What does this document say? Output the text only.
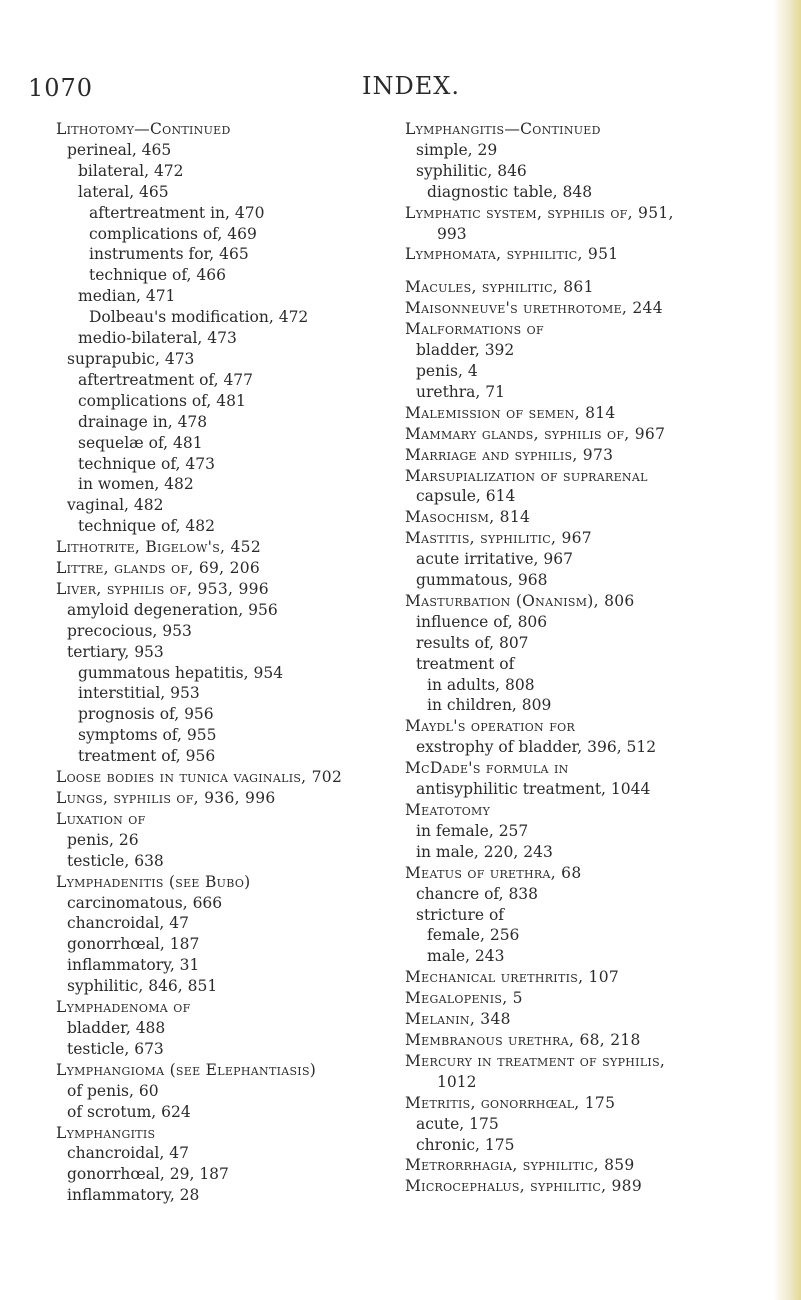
1070	INDEX.
Lithotomy—Continued
perineal, 465
bilateral, 472
lateral, 465
aftertreatment in, 470
complications of, 469
instruments for, 465
technique of, 466
median, 471
Dolbeau's modification, 472
medio-bilateral, 473
suprapubic, 473
aftertreatment of, 477
complications of, 481
drainage in, 478
sequelæ of, 481
technique of, 473
in women, 482
vaginal, 482
technique of, 482
Lithotrite, Bigelow's, 452
Littre, glands of, 69, 206
Liver, syphilis of, 953, 996
amyloid degeneration, 956
precocious, 953
tertiary, 953
gummatous hepatitis, 954
interstitial, 953
prognosis of, 956
symptoms of, 955
treatment of, 956
Loose bodies in tunica vaginalis, 702
Lungs, syphilis of, 936, 996
Luxation of
penis, 26
testicle, 638
Lymphadenitis (see Bubo)
carcinomatous, 666
chancroidal, 47
gonorrhœal, 187
inflammatory, 31
syphilitic, 846, 851
Lymphadenoma of
bladder, 488
testicle, 673
Lymphangioma (see Elephantiasis)
of penis, 60
of scrotum, 624
Lymphangitis
chancroidal, 47
gonorrhœal, 29, 187
inflammatory, 28
Lymphangitis—Continued
simple, 29
syphilitic, 846
diagnostic table, 848
Lymphatic system, syphilis of, 951,
993
Lymphomata, syphilitic, 951
Macules, syphilitic, 861
Maisonneuve's urethrotome, 244
Malformations of
bladder, 392
penis, 4
urethra, 71
Malemission of semen, 814
Mammary glands, syphilis of, 967
Marriage and syphilis, 973
Marsupialization of suprarenal
capsule, 614
Masochism, 814
Mastitis, syphilitic, 967
acute irritative, 967
gummatous, 968
Masturbation (Onanism), 806
influence of, 806
results of, 807
treatment of
in adults, 808
in children, 809
Maydl's operation for
exstrophy of bladder, 396, 512
McDade's formula in
antisyphilitic treatment, 1044
Meatotomy
in female, 257
in male, 220, 243
Meatus of urethra, 68
chancre of, 838
stricture of
female, 256
male, 243
Mechanical urethritis, 107
Megalopenis, 5
Melanin, 348
Membranous urethra, 68, 218
Mercury in treatment of syphilis,
1012
Metritis, gonorrhœal, 175
acute, 175
chronic, 175
Metrorrhagia, syphilitic, 859
Microcephalus, syphilitic, 989
